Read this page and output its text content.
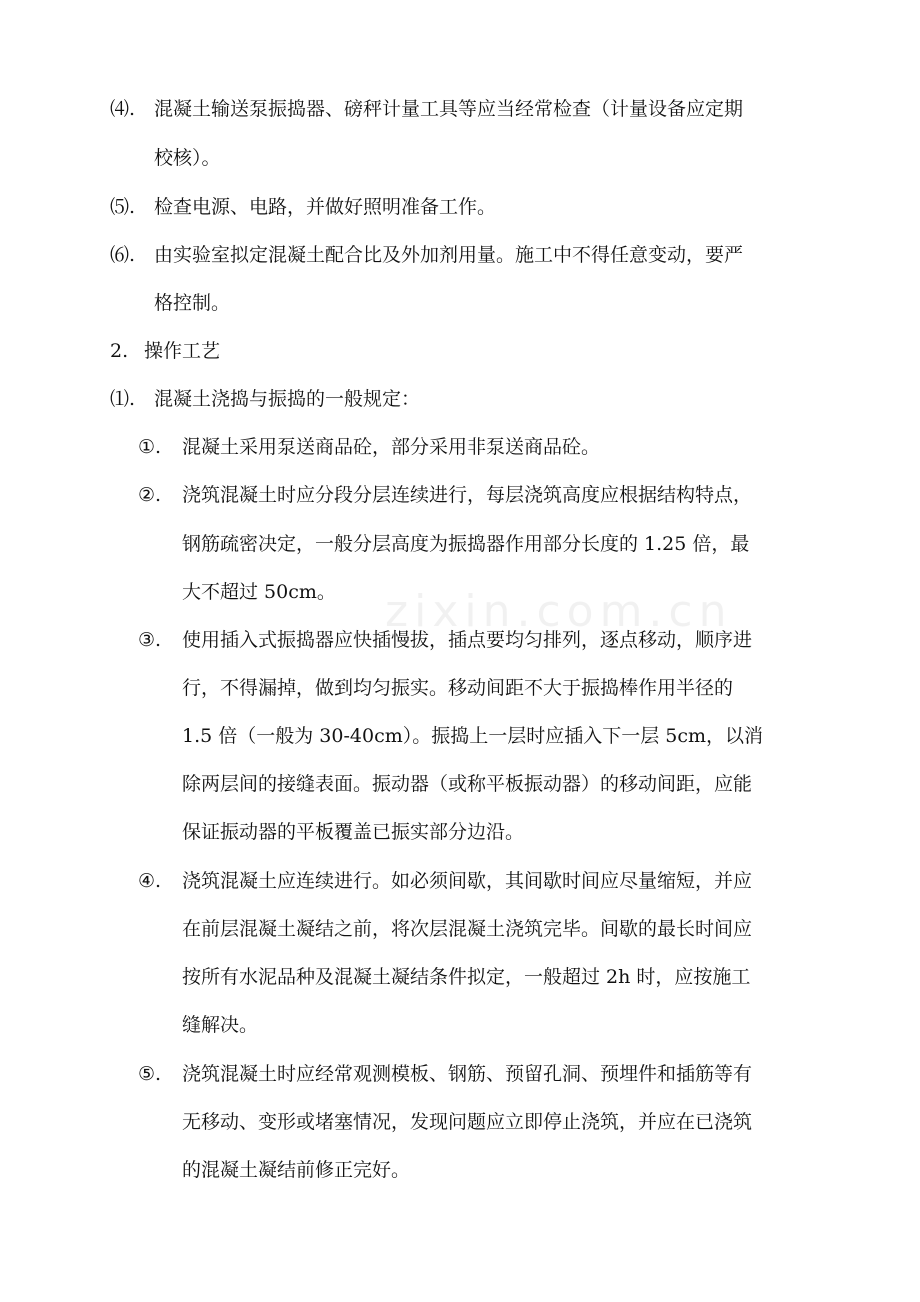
zixin.com.cn
⑷. 混凝土输送泵振捣器、磅秤计量工具等应当经常检查（计量设备应定期
校核）。
⑸. 检查电源、电路，并做好照明准备工作。
⑹. 由实验室拟定混凝土配合比及外加剂用量。施工中不得任意变动，要严
格控制。
2. 操作工艺
⑴. 混凝土浇捣与振捣的一般规定：
①. 混凝土采用泵送商品砼，部分采用非泵送商品砼。
②. 浇筑混凝土时应分段分层连续进行，每层浇筑高度应根据结构特点，
钢筋疏密决定，一般分层高度为振捣器作用部分长度的 1.25 倍，最
大不超过 50cm。
③. 使用插入式振捣器应快插慢拔，插点要均匀排列，逐点移动，顺序进
行，不得漏掉，做到均匀振实。移动间距不大于振捣棒作用半径的
1.5 倍（一般为 30-40cm）。振捣上一层时应插入下一层 5cm，以消
除两层间的接缝表面。振动器（或称平板振动器）的移动间距，应能
保证振动器的平板覆盖已振实部分边沿。
④. 浇筑混凝土应连续进行。如必须间歇，其间歇时间应尽量缩短，并应
在前层混凝土凝结之前，将次层混凝土浇筑完毕。间歇的最长时间应
按所有水泥品种及混凝土凝结条件拟定，一般超过 2h 时，应按施工
缝解决。
⑤. 浇筑混凝土时应经常观测模板、钢筋、预留孔洞、预埋件和插筋等有
无移动、变形或堵塞情况，发现问题应立即停止浇筑，并应在已浇筑
的混凝土凝结前修正完好。
